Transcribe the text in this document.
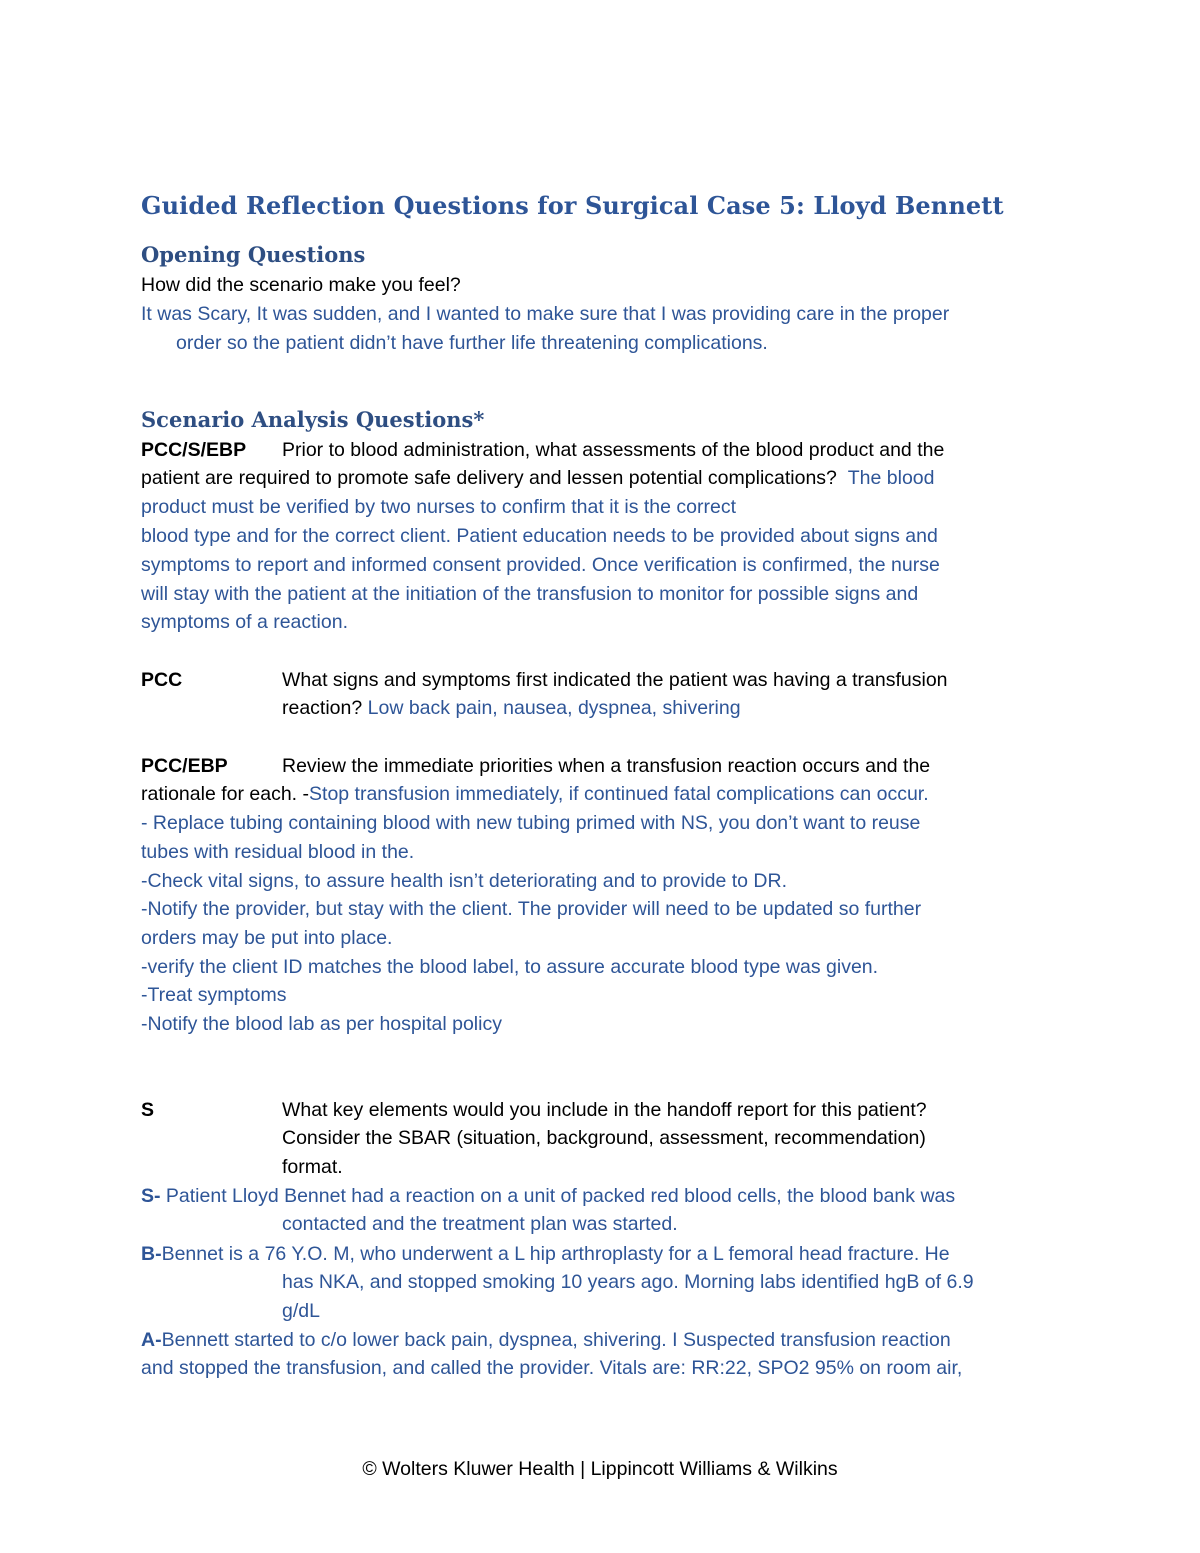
Guided Reflection Questions for Surgical Case 5: Lloyd Bennett
Opening Questions
How did the scenario make you feel?
It was Scary, It was sudden, and I wanted to make sure that I was providing care in the proper
order so the patient didn’t have further life threatening complications.
Scenario Analysis Questions*
PCC/S/EBP Prior to blood administration, what assessments of the blood product and the
patient are required to promote safe delivery and lessen potential complications? The blood
product must be verified by two nurses to confirm that it is the correct
blood type and for the correct client. Patient education needs to be provided about signs and
symptoms to report and informed consent provided. Once verification is confirmed, the nurse
will stay with the patient at the initiation of the transfusion to monitor for possible signs and
symptoms of a reaction.
PCC	What signs and symptoms first indicated the patient was having a transfusion
reaction? Low back pain, nausea, dyspnea, shivering
PCC/EBP	Review the immediate priorities when a transfusion reaction occurs and the
rationale for each. -Stop transfusion immediately, if continued fatal complications can occur.
- Replace tubing containing blood with new tubing primed with NS, you don’t want to reuse
tubes with residual blood in the.
-Check vital signs, to assure health isn’t deteriorating and to provide to DR.
-Notify the provider, but stay with the client. The provider will need to be updated so further
orders may be put into place.
-verify the client ID matches the blood label, to assure accurate blood type was given.
-Treat symptoms
-Notify the blood lab as per hospital policy
S	What key elements would you include in the handoff report for this patient?
Consider the SBAR (situation, background, assessment, recommendation)
format.
S- Patient Lloyd Bennet had a reaction on a unit of packed red blood cells, the blood bank was
contacted and the treatment plan was started.
B-Bennet is a 76 Y.O. M, who underwent a L hip arthroplasty for a L femoral head fracture. He
has NKA, and stopped smoking 10 years ago. Morning labs identified hgB of 6.9
g/dL
A-Bennett started to c/o lower back pain, dyspnea, shivering. I Suspected transfusion reaction
and stopped the transfusion, and called the provider. Vitals are: RR:22, SPO2 95% on room air,
© Wolters Kluwer Health | Lippincott Williams & Wilkins
